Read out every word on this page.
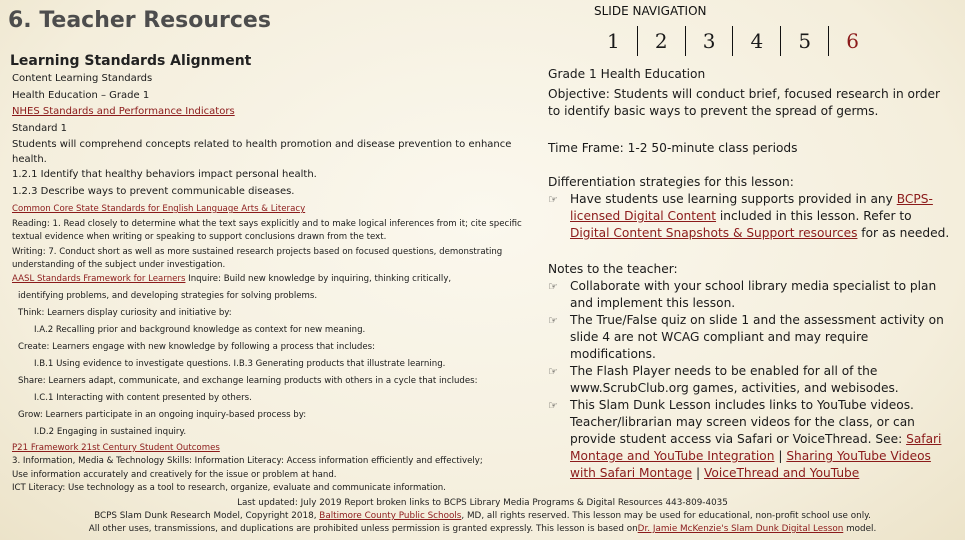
6. Teacher Resources	SLIDE NAVIGATION
1	2	3	4	5	6
Learning Standards Alignment
Content Learning Standards
Health Education – Grade 1
NHES Standards and Performance Indicators
Standard 1
Students will comprehend concepts related to health promotion and disease prevention to enhance health.
1.2.1 Identify that healthy behaviors impact personal health.
1.2.3 Describe ways to prevent communicable diseases.
Common Core State Standards for English Language Arts & Literacy
Reading: 1. Read closely to determine what the text says explicitly and to make logical inferences from it; cite specific textual evidence when writing or speaking to support conclusions drawn from the text.
Writing: 7. Conduct short as well as more sustained research projects based on focused questions, demonstrating understanding of the subject under investigation.
AASL Standards Framework for Learners Inquire: Build new knowledge by inquiring, thinking critically,
identifying problems, and developing strategies for solving problems.
Think: Learners display curiosity and initiative by:
I.A.2 Recalling prior and background knowledge as context for new meaning.
Create: Learners engage with new knowledge by following a process that includes:
I.B.1 Using evidence to investigate questions. I.B.3 Generating products that illustrate learning.
Share: Learners adapt, communicate, and exchange learning products with others in a cycle that includes:
I.C.1 Interacting with content presented by others.
Grow: Learners participate in an ongoing inquiry-based process by:
I.D.2 Engaging in sustained inquiry.
P21 Framework 21st Century Student Outcomes
3. Information, Media & Technology Skills: Information Literacy: Access information efficiently and effectively;
Use information accurately and creatively for the issue or problem at hand.
ICT Literacy: Use technology as a tool to research, organize, evaluate and communicate information.
Grade 1 Health Education
Objective: Students will conduct brief, focused research in order to identify basic ways to prevent the spread of germs.
Time Frame: 1-2 50-minute class periods
Differentiation strategies for this lesson:
☞ Have students use learning supports provided in any BCPS-licensed Digital Content included in this lesson. Refer to Digital Content Snapshots & Support resources for as needed.
Notes to the teacher:
☞ Collaborate with your school library media specialist to plan and implement this lesson.
☞ The True/False quiz on slide 1 and the assessment activity on slide 4 are not WCAG compliant and may require modifications.
☞ The Flash Player needs to be enabled for all of the www.ScrubClub.org games, activities, and webisodes.
☞ This Slam Dunk Lesson includes links to YouTube videos. Teacher/librarian may screen videos for the class, or can provide student access via Safari or VoiceThread. See: Safari Montage and YouTube Integration | Sharing YouTube Videos with Safari Montage | VoiceThread and YouTube
Last updated: July 2019 Report broken links to BCPS Library Media Programs & Digital Resources 443-809-4035
BCPS Slam Dunk Research Model, Copyright 2018, Baltimore County Public Schools, MD, all rights reserved. This lesson may be used for educational, non-profit school use only.
All other uses, transmissions, and duplications are prohibited unless permission is granted expressly. This lesson is based onDr. Jamie McKenzie's Slam Dunk Digital Lesson model.
